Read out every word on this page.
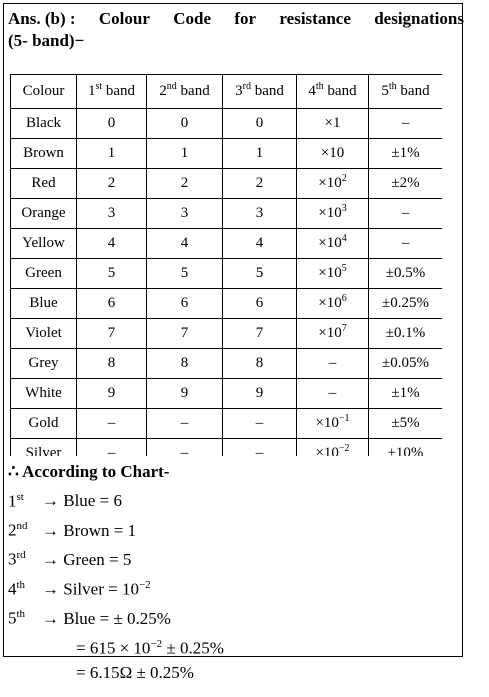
Ans. (b) : Colour Code for resistance designations
(5- band)−
Colour	1st band	2nd band	3rd band	4th band	5th band
Black	0	0	0	×1	–
Brown	1	1	1	×10	±1%
Red	2	2	2	$\times 10^2$	±2%
Orange	3	3	3	$\times 10^3$	–
Yellow	4	4	4	$\times 10^4$	–
Green	5	5	5	$\times 10^5$	±0.5%
Blue	6	6	6	$\times 10^6$	±0.25%
Violet	7	7	7	$\times 10^7$	±0.1%
Grey	8	8	8	–	±0.05%
White	9	9	9	–	±1%
Gold	–	–	–	$\times 10^{-1}$	±5%
Silver	–	–	–	$\times 10^{-2}$	±10%
∴ According to Chart-
1st	→ Blue = 6
2nd → Brown = 1
3rd → Green = 5
4th → Silver = $10^{-2}$
5th → Blue = ± 0.25%
= $615 \times 10^{-2} \pm 0.25\%$
= 6.15Ω ± 0.25%
